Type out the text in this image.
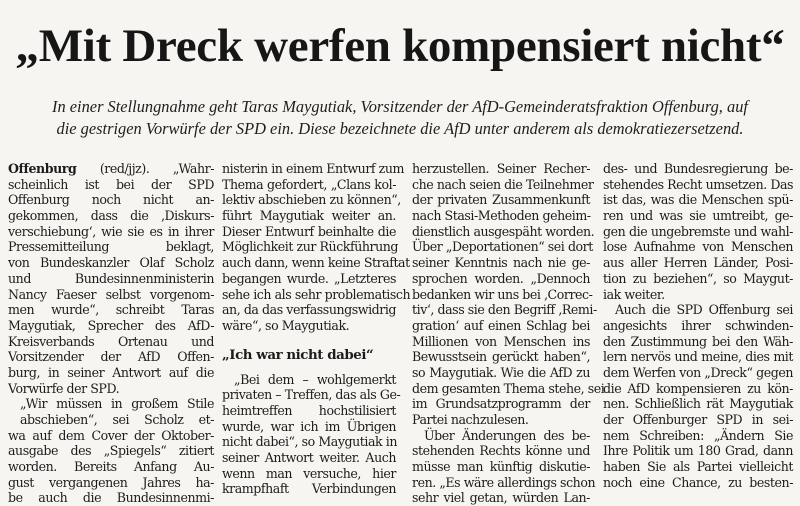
„Mit Dreck werfen kompensiert nicht“
In einer Stellungnahme geht Taras Maygutiak, Vorsitzender der AfD-Gemeinderatsfraktion Offenburg, auf
die gestrigen Vorwürfe der SPD ein. Diese bezeichnete die AfD unter anderem als demokratiezersetzend.
Offenburg (red/jjz). „Wahr-
scheinlich ist bei der SPD
Offenburg noch nicht an-
gekommen, dass die ‚Diskurs-
verschiebung‘, wie sie es in ihrer
Pressemitteilung beklagt,
von Bundeskanzler Olaf Scholz
und Bundesinnenministerin
Nancy Faeser selbst vorgenom-
men wurde“, schreibt Taras
Maygutiak, Sprecher des AfD-
Kreisverbands Ortenau und
Vorsitzender der AfD Offen-
burg, in seiner Antwort auf die
Vorwürfe der SPD.
„Wir müssen in großem Stile abschieben“, sei Scholz et-
wa auf dem Cover der Oktober-
ausgabe des „Spiegels“ zitiert
worden. Bereits Anfang Au-
gust vergangenen Jahres ha-
be auch die Bundesinnenmi-
nisterin in einem Entwurf zum
Thema gefordert, „Clans kol-
lektiv abschieben zu können“,
führt Maygutiak weiter an.
Dieser Entwurf beinhalte die
Möglichkeit zur Rückführung
auch dann, wenn keine Straftat
begangen wurde. „Letzteres
sehe ich als sehr problematisch
an, da das verfassungswidrig
wäre“, so Maygutiak.
„Ich war nicht dabei“
„Bei dem – wohlgemerkt
privaten – Treffen, das als Ge-
heimtreffen hochstilisiert
wurde, war ich im Übrigen
nicht dabei“, so Maygutiak in
seiner Antwort weiter. Auch
wenn man versuche, hier
krampfhaft Verbindungen
herzustellen. Seiner Recher-
che nach seien die Teilnehmer
der privaten Zusammenkunft
nach Stasi-Methoden geheim-
dienstlich ausgespäht worden.
Über „Deportationen“ sei dort
seiner Kenntnis nach nie ge-
sprochen worden. „Dennoch
bedanken wir uns bei ‚Correc-
tiv‘, dass sie den Begriff ‚Remi-
gration‘ auf einen Schlag bei
Millionen von Menschen ins
Bewusstsein gerückt haben“,
so Maygutiak. Wie die AfD zu
dem gesamten Thema stehe, sei
im Grundsatzprogramm der
Partei nachzulesen.
Über Änderungen des be-
stehenden Rechts könne und
müsse man künftig diskutie-
ren. „Es wäre allerdings schon
sehr viel getan, würden Lan-
des- und Bundesregierung be-
stehendes Recht umsetzen. Das
ist das, was die Menschen spü-
ren und was sie umtreibt, ge-
gen die ungebremste und wahl-
lose Aufnahme von Menschen
aus aller Herren Länder, Posi-
tion zu beziehen“, so Maygut-
iak weiter.
Auch die SPD Offenburg sei
angesichts ihrer schwinden-
den Zustimmung bei den Wäh-
lern nervös und meine, dies mit
dem Werfen von „Dreck“ gegen
die AfD kompensieren zu kön-
nen. Schließlich rät Maygutiak
der Offenburger SPD in sei-
nem Schreiben: „Ändern Sie
Ihre Politik um 180 Grad, dann
haben Sie als Partei vielleicht
noch eine Chance, zu besten-
